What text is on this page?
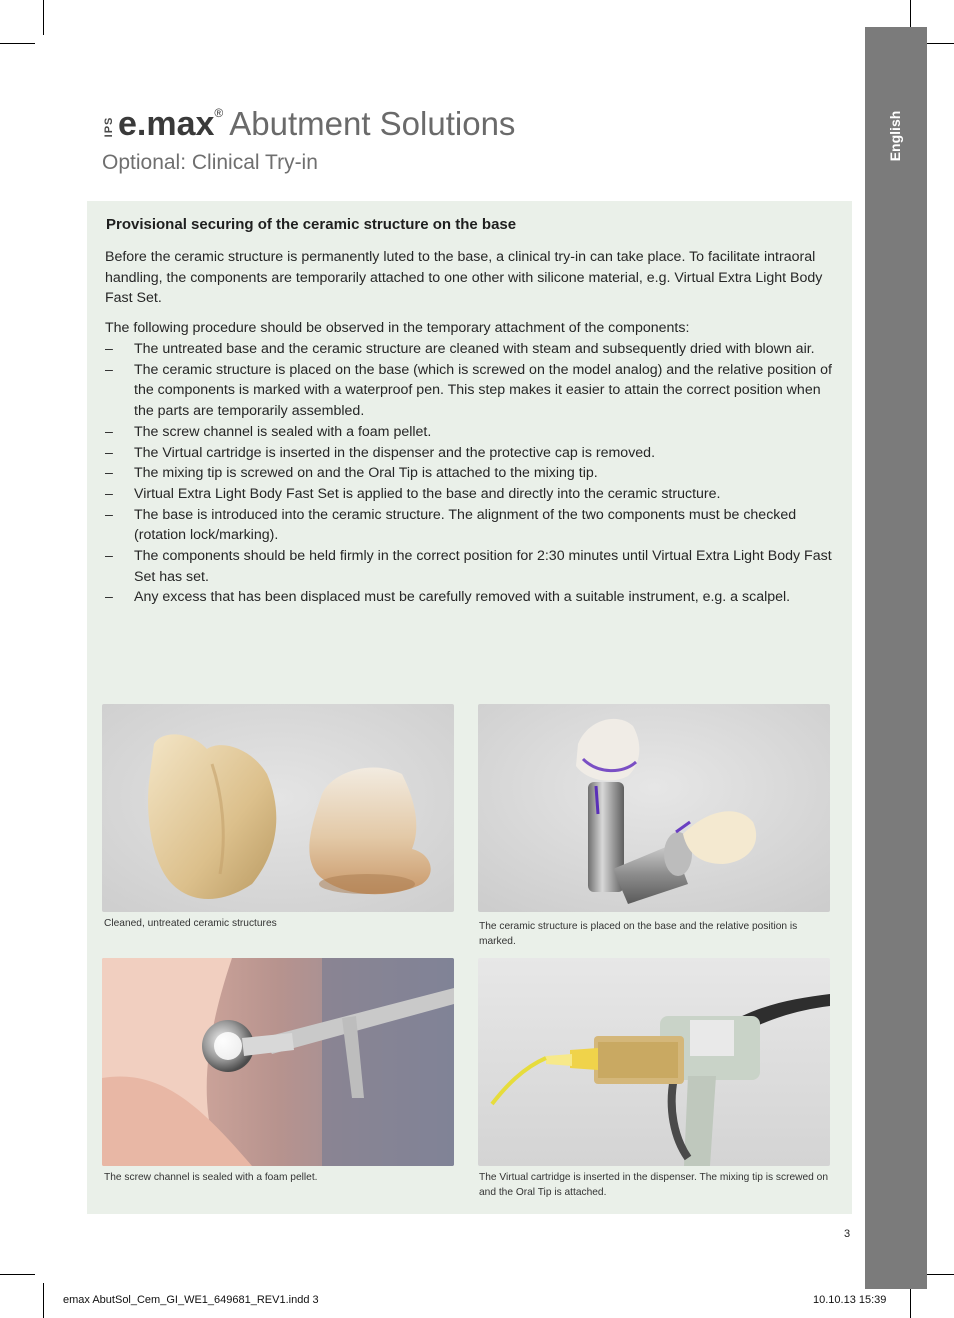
English
IPS e.max ® Abutment Solutions
Optional: Clinical Try-in
Provisional securing of the ceramic structure on the base

Before the ceramic structure is permanently luted to the base, a clinical try-in can take place. To facilitate intraoral handling, the components are temporarily attached to one other with silicone material, e.g. Virtual Extra Light Body Fast Set.

The following procedure should be observed in the temporary attachment of the components:

– The untreated base and the ceramic structure are cleaned with steam and subsequently dried with blown air.
– The ceramic structure is placed on the base (which is screwed on the model analog) and the relative position of the components is marked with a waterproof pen. This step makes it easier to attain the correct position when the parts are temporarily assembled.
– The screw channel is sealed with a foam pellet.
– The Virtual cartridge is inserted in the dispenser and the protective cap is removed.
– The mixing tip is screwed on and the Oral Tip is attached to the mixing tip.
– Virtual Extra Light Body Fast Set is applied to the base and directly into the ceramic structure.
– The base is introduced into the ceramic structure. The alignment of the two components must be checked (rotation lock/marking).
– The components should be held firmly in the correct position for 2:30 minutes until Virtual Extra Light Body Fast Set has set.
– Any excess that has been displaced must be carefully removed with a suitable instrument, e.g. a scalpel.
Cleaned, untreated ceramic structures	The ceramic structure is placed on the base and the relative position is marked.
The screw channel is sealed with a foam pellet.	The Virtual cartridge is inserted in the dispenser. The mixing tip is screwed on and the Oral Tip is attached.
3
emax AbutSol_Cem_GI_WE1_649681_REV1.indd 3	10.10.13 15:39
